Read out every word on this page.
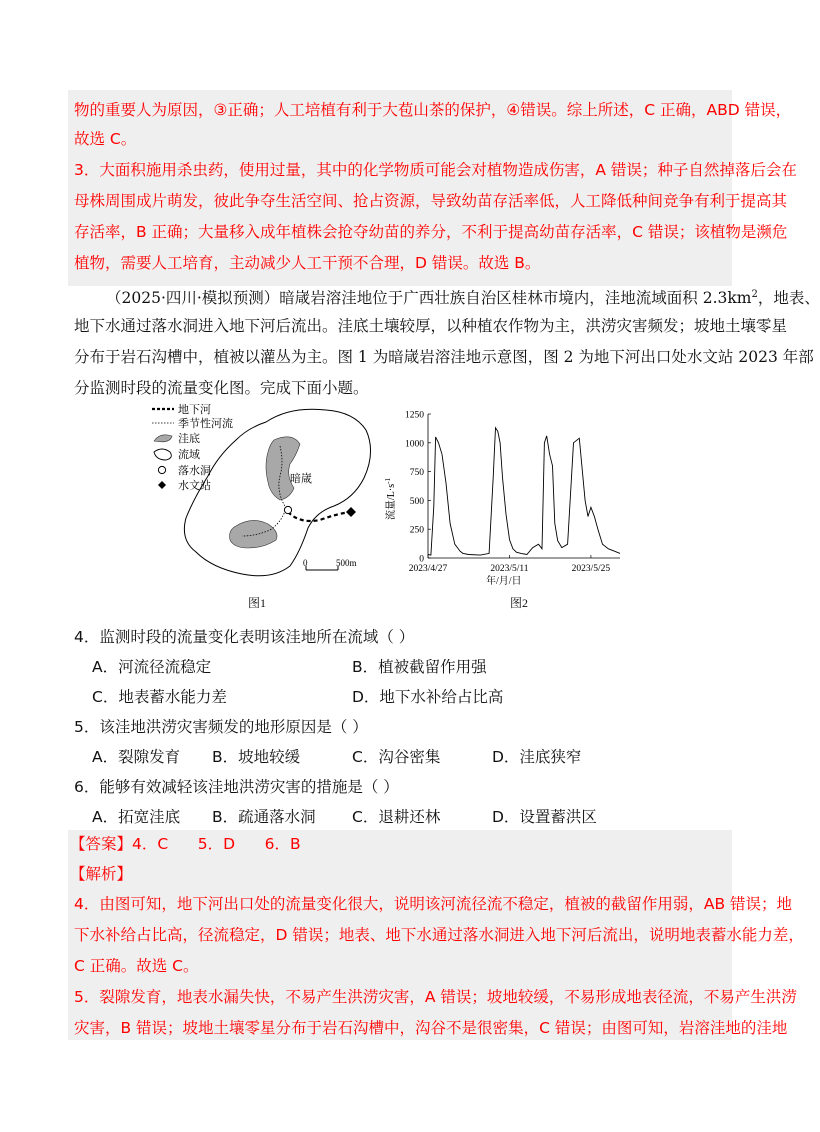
物的重要人为原因，③正确；人工培植有利于大苞山茶的保护，④错误。综上所述，C 正确，ABD 错误，
故选 C。
3．大面积施用杀虫药，使用过量，其中的化学物质可能会对植物造成伤害，A 错误；种子自然掉落后会在
母株周围成片萌发，彼此争夺生活空间、抢占资源，导致幼苗存活率低，人工降低种间竞争有利于提高其
存活率，B 正确；大量移入成年植株会抢夺幼苗的养分，不利于提高幼苗存活率，C 错误；该植物是濒危
植物，需要人工培育，主动减少人工干预不合理，D 错误。故选 B。
（2025·四川·模拟预测）暗嵅岩溶洼地位于广西壮族自治区桂林市境内，洼地流域面积 $2.3km^2$，地表、
地下水通过落水洞进入地下河后流出。洼底土壤较厚，以种植农作物为主，洪涝灾害频发；坡地土壤零星
分布于岩石沟槽中，植被以灌丛为主。图 1 为暗嵅岩溶洼地示意图，图 2 为地下河出口处水文站 2023 年部
分监测时段的流量变化图。完成下面小题。
地下河
季节性河流
洼底
流域
落水洞
水文站
暗嵅
0	500m
图1
1250
1000
750
500
250
0
2023/4/27	2023/5/11	2023/5/25
流量$/L\cdot s^{-1}$
年/月/日
图2
4．监测时段的流量变化表明该洼地所在流域（ ）
A．河流径流稳定	B．植被截留作用强
C．地表蓄水能力差	D．地下水补给占比高
5．该洼地洪涝灾害频发的地形原因是（ ）
A．裂隙发育 B．坡地较缓	C．沟谷密集	D．洼底狭窄
6．能够有效减轻该洼地洪涝灾害的措施是（ ）
A．拓宽洼底 B．疏通落水洞 C．退耕还林	D．设置蓄洪区
【答案】4．C      5．D      6．B
【解析】
4．由图可知，地下河出口处的流量变化很大，说明该河流径流不稳定，植被的截留作用弱，AB 错误；地
下水补给占比高，径流稳定，D 错误；地表、地下水通过落水洞进入地下河后流出，说明地表蓄水能力差，
C 正确。故选 C。
5．裂隙发育，地表水漏失快，不易产生洪涝灾害，A 错误；坡地较缓，不易形成地表径流，不易产生洪涝
灾害，B 错误；坡地土壤零星分布于岩石沟槽中，沟谷不是很密集，C 错误；由图可知，岩溶洼地的洼地
